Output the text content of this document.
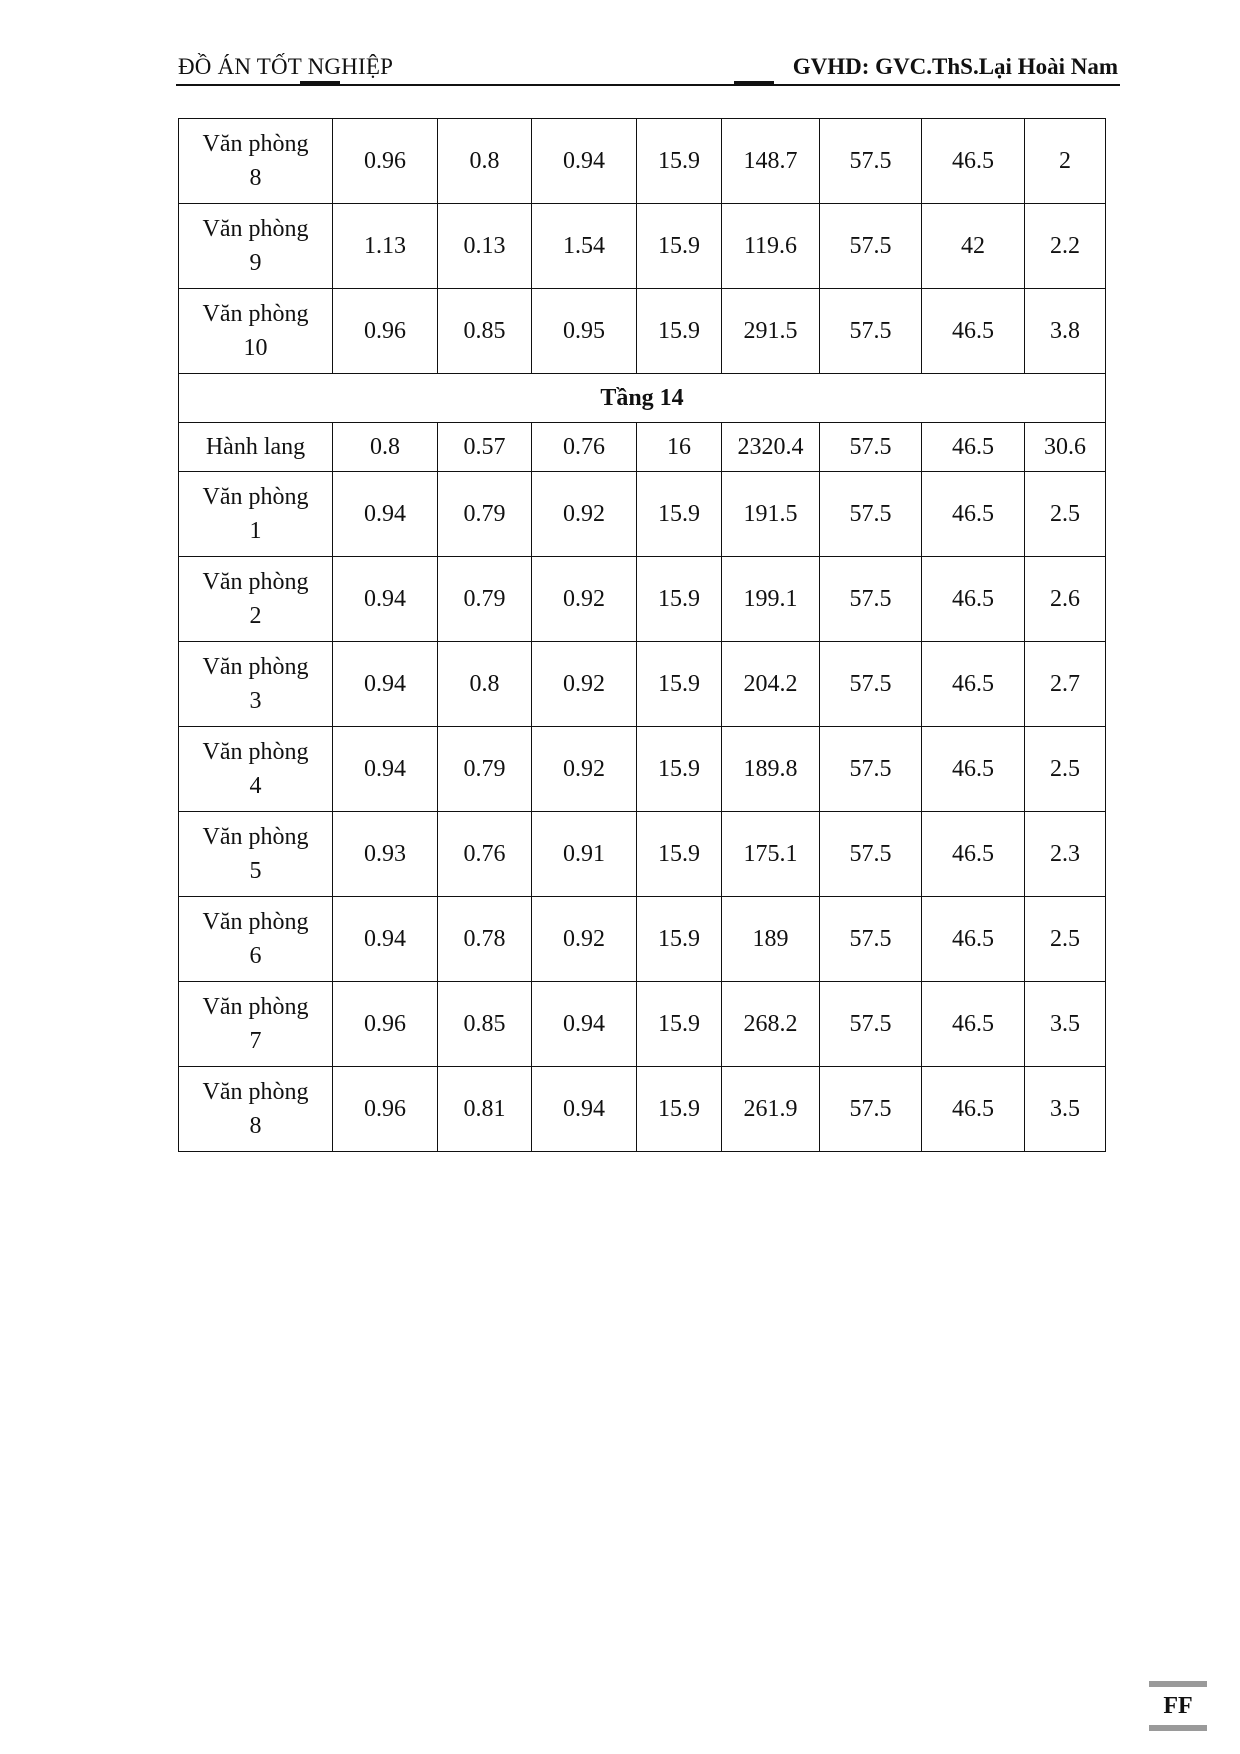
ĐỒ ÁN TỐT NGHIỆP	GVHD: GVC.ThS.Lại Hoài Nam
Văn phòng
8	0.96	0.8	0.94	15.9	148.7	57.5	46.5	2

Văn phòng
9	1.13	0.13	1.54	15.9	119.6	57.5	42	2.2

Văn phòng
10	0.96	0.85	0.95	15.9	291.5	57.5	46.5	3.8
Tầng 14								
Hành lang	0.8	0.57	0.76	16	2320.4	57.5	46.5	30.6

Văn phòng
1	0.94	0.79	0.92	15.9	191.5	57.5	46.5	2.5

Văn phòng
2	0.94	0.79	0.92	15.9	199.1	57.5	46.5	2.6

Văn phòng
3	0.94	0.8	0.92	15.9	204.2	57.5	46.5	2.7

Văn phòng
4	0.94	0.79	0.92	15.9	189.8	57.5	46.5	2.5

Văn phòng
5	0.93	0.76	0.91	15.9	175.1	57.5	46.5	2.3

Văn phòng
6	0.94	0.78	0.92	15.9	189	57.5	46.5	2.5

Văn phòng
7	0.96	0.85	0.94	15.9	268.2	57.5	46.5	3.5

Văn phòng
8	0.96	0.81	0.94	15.9	261.9	57.5	46.5	3.5
FF
